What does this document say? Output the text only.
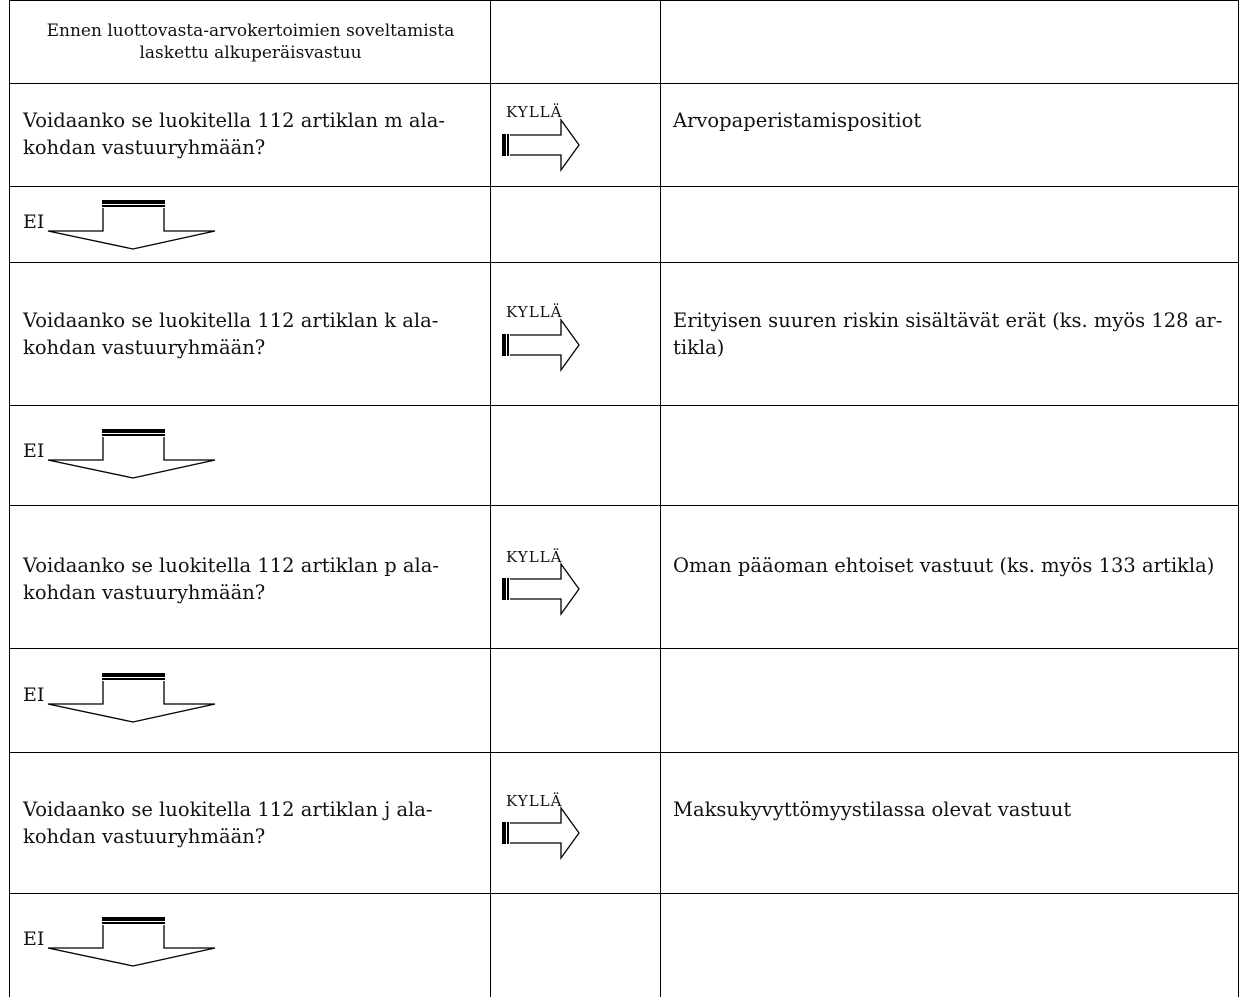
Ennen luottovasta-arvokertoimien soveltamista
laskettu alkuperäisvastuu
Voidaanko se luokitella 112 artiklan m ala-
kohdan vastuuryhmään?
KYLLÄ	Arvopaperistamispositiot
EI
Voidaanko se luokitella 112 artiklan k ala-
kohdan vastuuryhmään?
KYLLÄ	Erityisen suuren riskin sisältävät erät (ks. myös 128 ar-
tikla)
EI
Voidaanko se luokitella 112 artiklan p ala-
kohdan vastuuryhmään?
KYLLÄ	Oman pääoman ehtoiset vastuut (ks. myös 133 artikla)
EI
Voidaanko se luokitella 112 artiklan j ala-
kohdan vastuuryhmään?
KYLLÄ	Maksukyvyttömyystilassa olevat vastuut
EI
